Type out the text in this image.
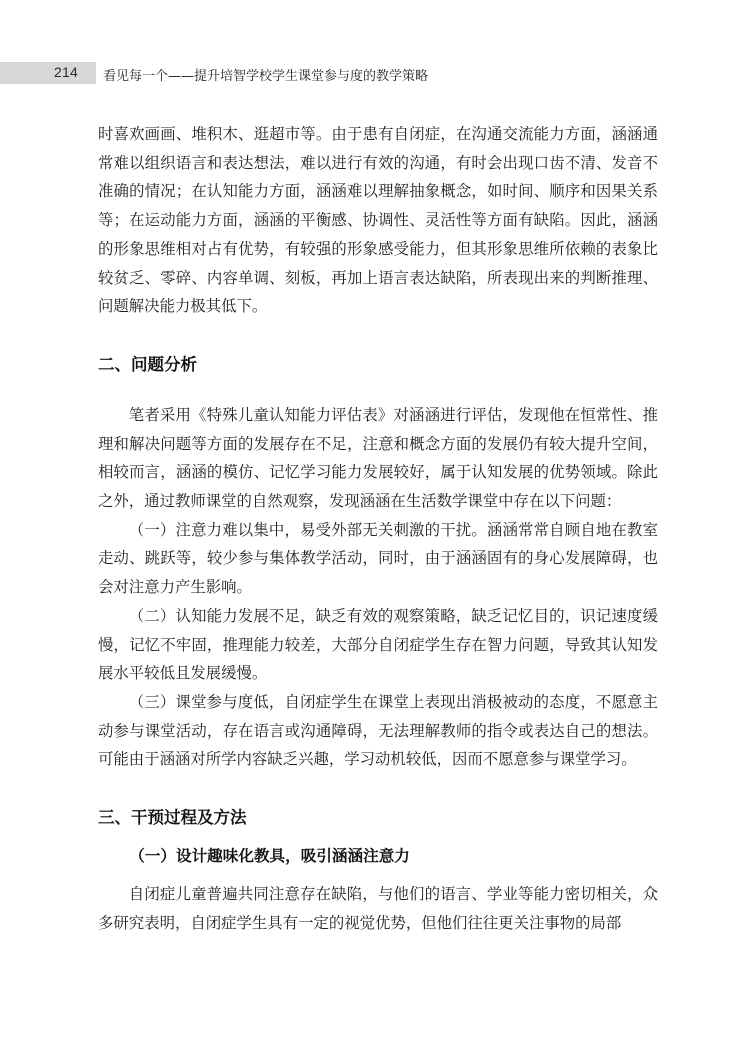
214 看见每一个——提升培智学校学生课堂参与度的教学策略

时喜欢画画、堆积木、逛超市等。由于患有自闭症，在沟通交流能力方面，涵涵通常难以组织语言和表达想法，难以进行有效的沟通，有时会出现口齿不清、发音不准确的情况；在认知能力方面，涵涵难以理解抽象概念，如时间、顺序和因果关系等；在运动能力方面，涵涵的平衡感、协调性、灵活性等方面有缺陷。因此，涵涵的形象思维相对占有优势，有较强的形象感受能力，但其形象思维所依赖的表象比较贫乏、零碎、内容单调、刻板，再加上语言表达缺陷，所表现出来的判断推理、问题解决能力极其低下。

二、问题分析

笔者采用《特殊儿童认知能力评估表》对涵涵进行评估，发现他在恒常性、推理和解决问题等方面的发展存在不足，注意和概念方面的发展仍有较大提升空间，相较而言，涵涵的模仿、记忆学习能力发展较好，属于认知发展的优势领域。除此之外，通过教师课堂的自然观察，发现涵涵在生活数学课堂中存在以下问题：

（一）注意力难以集中，易受外部无关刺激的干扰。涵涵常常自顾自地在教室走动、跳跃等，较少参与集体教学活动，同时，由于涵涵固有的身心发展障碍，也会对注意力产生影响。

（二）认知能力发展不足，缺乏有效的观察策略，缺乏记忆目的，识记速度缓慢，记忆不牢固，推理能力较差，大部分自闭症学生存在智力问题，导致其认知发展水平较低且发展缓慢。

（三）课堂参与度低，自闭症学生在课堂上表现出消极被动的态度，不愿意主动参与课堂活动，存在语言或沟通障碍，无法理解教师的指令或表达自己的想法。可能由于涵涵对所学内容缺乏兴趣，学习动机较低，因而不愿意参与课堂学习。

三、干预过程及方法
（一）设计趣味化教具，吸引涵涵注意力

自闭症儿童普遍共同注意存在缺陷，与他们的语言、学业等能力密切相关，众多研究表明，自闭症学生具有一定的视觉优势，但他们往往更关注事物的局部
